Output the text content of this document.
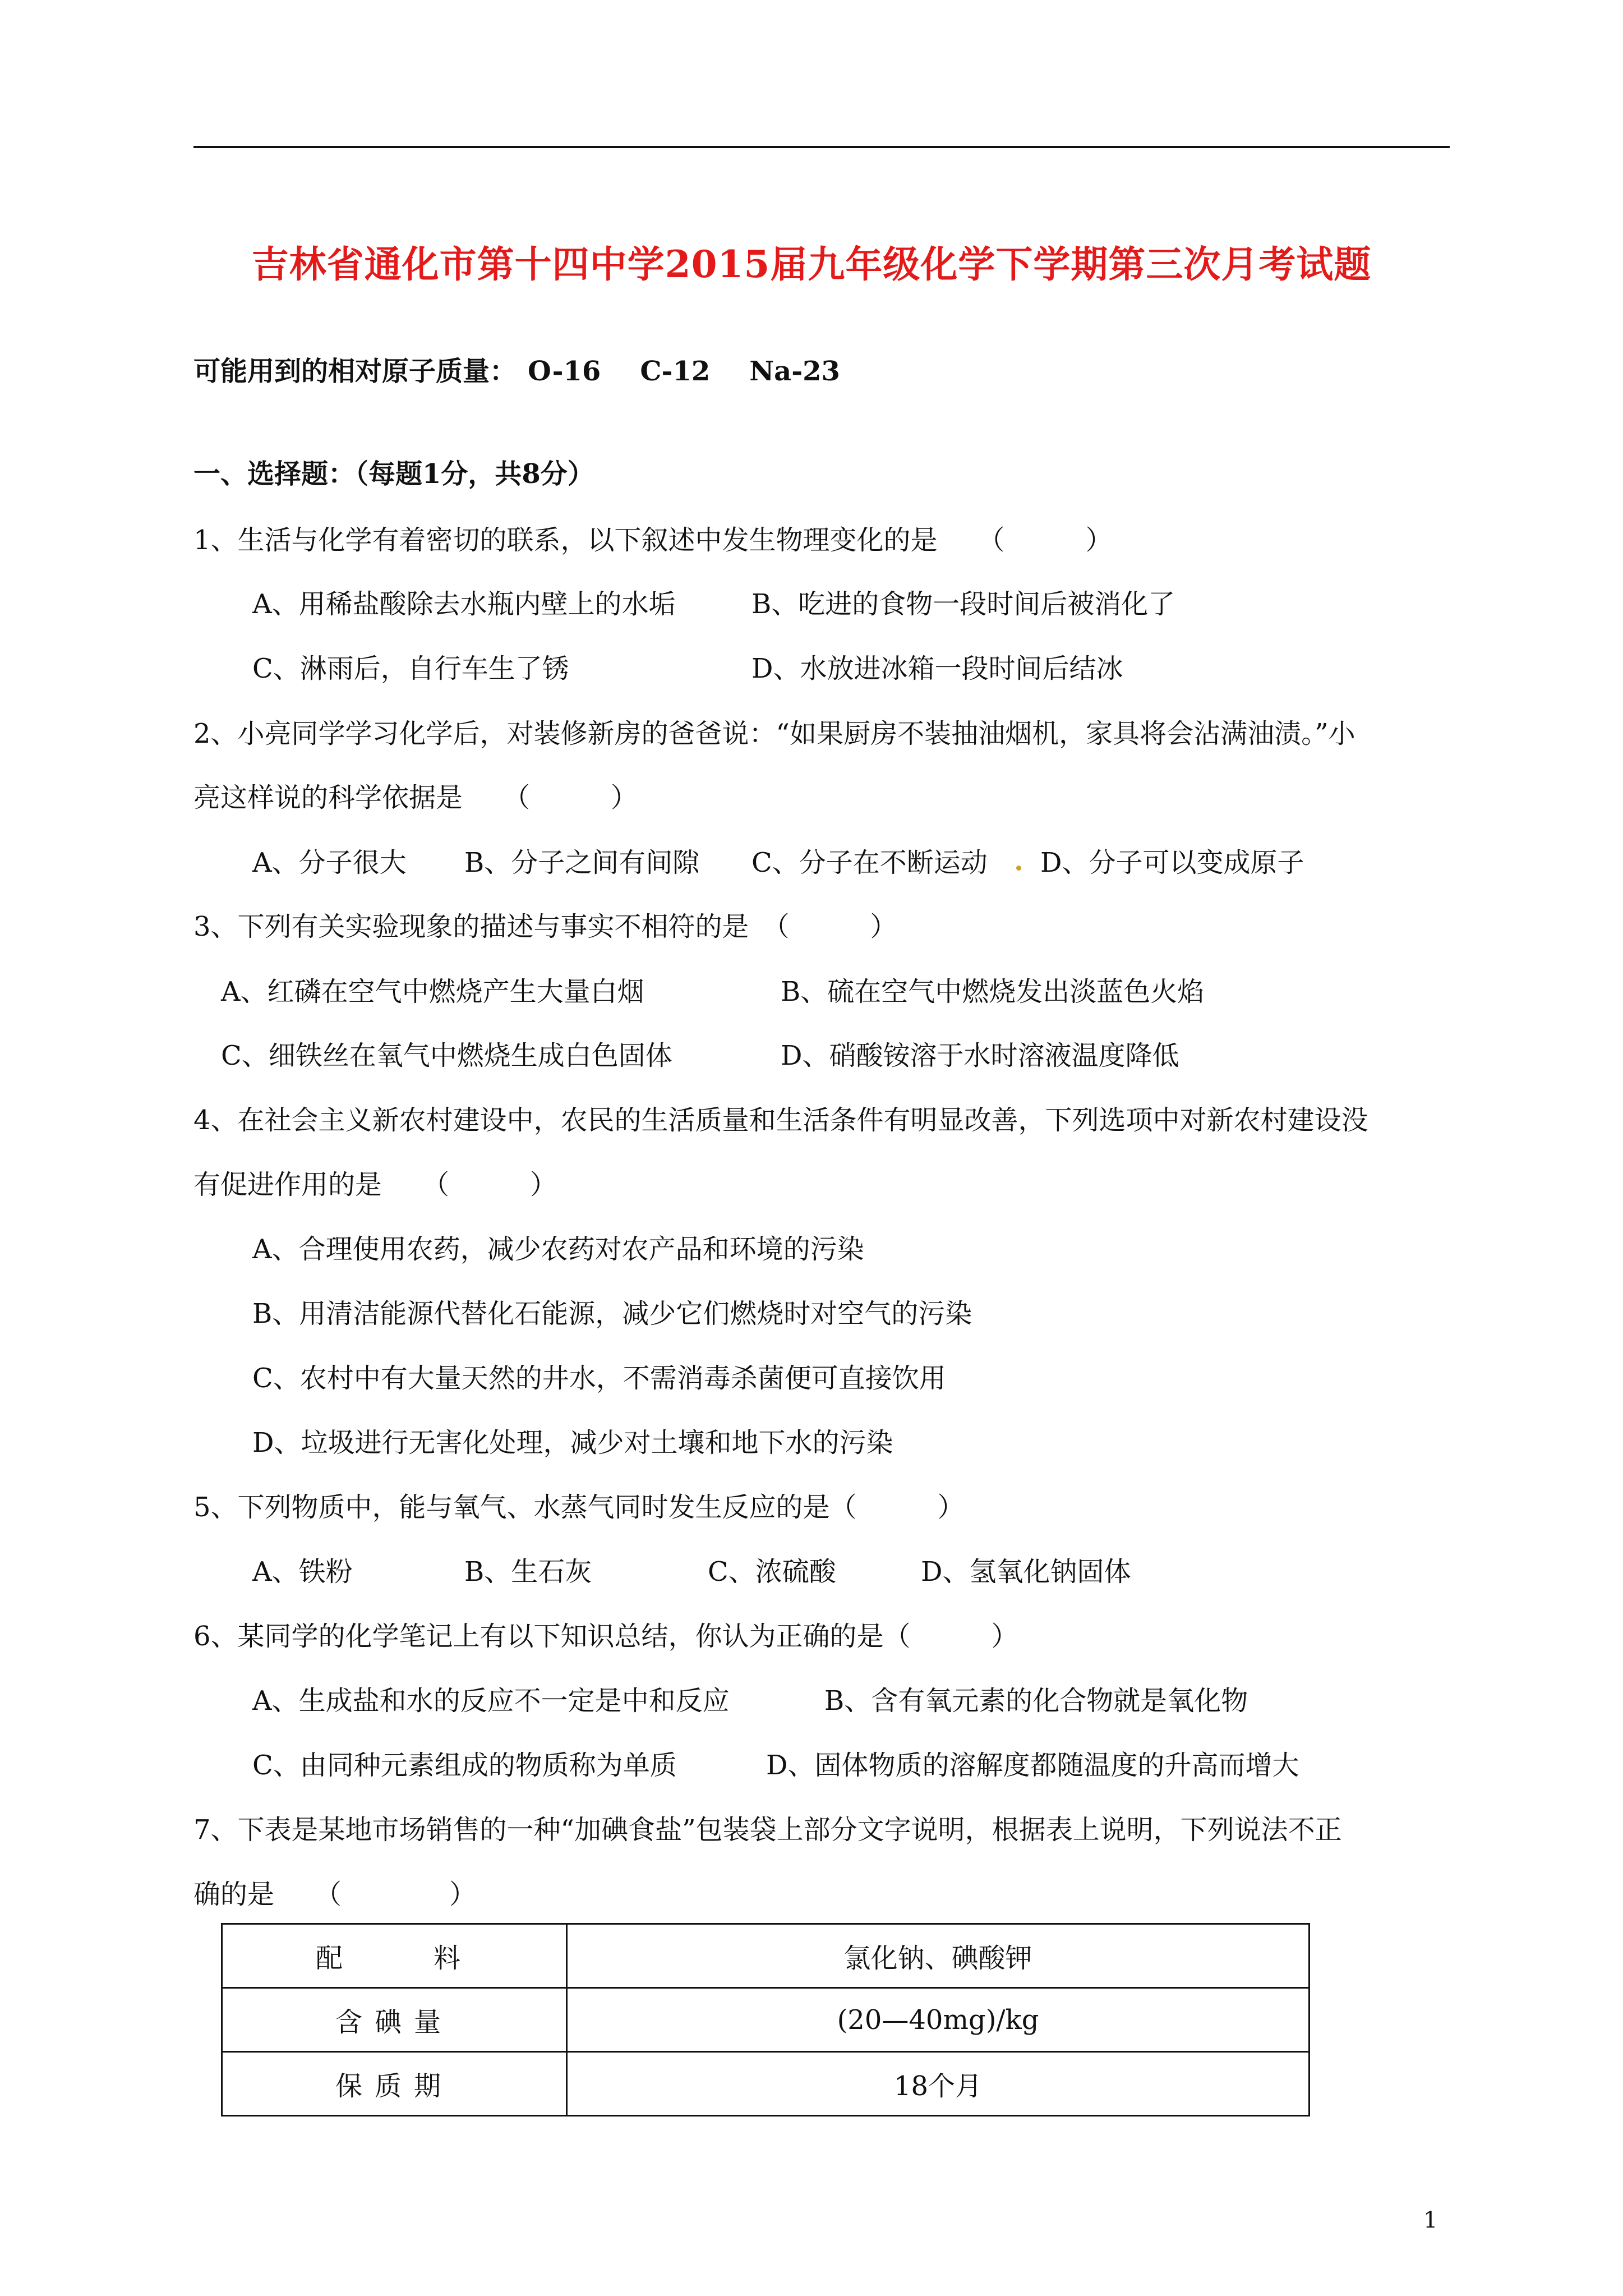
吉林省通化市第十四中学2015届九年级化学下学期第三次月考试题
可能用到的相对原子质量： O-16 C-12 Na-23
一、选择题：（每题1分，共8分）
1、生活与化学有着密切的联系，以下叙述中发生物理变化的是　　（　　　）
A、用稀盐酸除去水瓶内壁上的水垢	B、吃进的食物一段时间后被消化了
C、淋雨后，自行车生了锈	D、水放进冰箱一段时间后结冰
2、小亮同学学习化学后，对装修新房的爸爸说：“如果厨房不装抽油烟机，家具将会沾满油渍。”小
亮这样说的科学依据是　　（　　　）
A、分子很大 B、分子之间有间隙 C、分子在不断运动 D、分子可以变成原子
3、下列有关实验现象的描述与事实不相符的是　（　　　）
A、红磷在空气中燃烧产生大量白烟	B、硫在空气中燃烧发出淡蓝色火焰
C、细铁丝在氧气中燃烧生成白色固体	D、硝酸铵溶于水时溶液温度降低
4、在社会主义新农村建设中，农民的生活质量和生活条件有明显改善，下列选项中对新农村建设没
有促进作用的是　　（　　　）
A、合理使用农药，减少农药对农产品和环境的污染
B、用清洁能源代替化石能源，减少它们燃烧时对空气的污染
C、农村中有大量天然的井水，不需消毒杀菌便可直接饮用
D、垃圾进行无害化处理，减少对土壤和地下水的污染
5、下列物质中，能与氧气、水蒸气同时发生反应的是（　　　）
A、铁粉	B、生石灰	C、浓硫酸	D、氢氧化钠固体
6、某同学的化学笔记上有以下知识总结，你认为正确的是（　　　）
A、生成盐和水的反应不一定是中和反应	B、含有氧元素的化合物就是氧化物
C、由同种元素组成的物质称为单质	D、固体物质的溶解度都随温度的升高而增大
7、下表是某地市场销售的一种“加碘食盐”包装袋上部分文字说明，根据表上说明，下列说法不正
确的是　　（　　　　）
配　　料	氯化钠、碘酸钾
含碘量	(20—40mg)/kg
保质期	18个月
1
